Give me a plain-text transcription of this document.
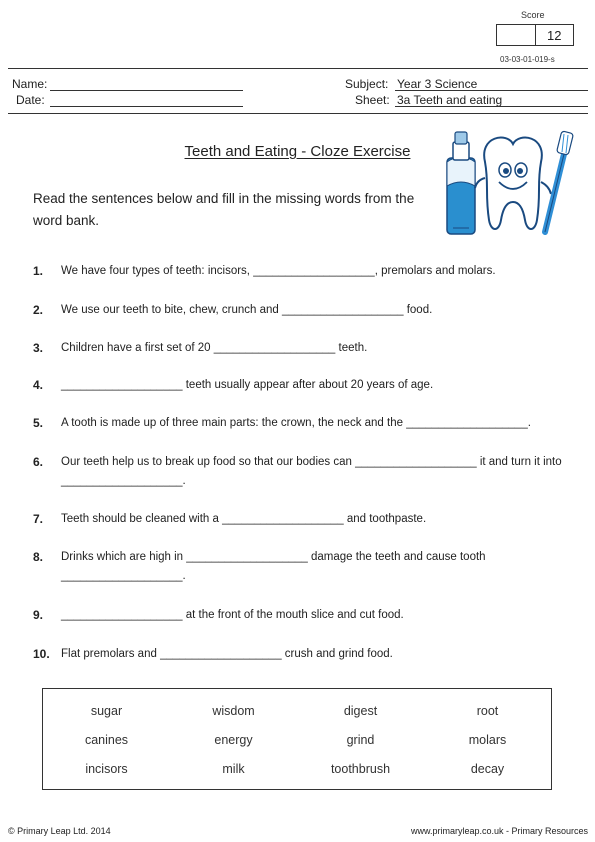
Score
12
03-03-01-019-s
Name:
Date:
Subject: Year 3 Science
Sheet: 3a Teeth and eating
Teeth and Eating - Cloze Exercise
Read the sentences below and fill in the missing words from the word bank.
1. We have four types of teeth: incisors, ___________________, premolars and molars.
2. We use our teeth to bite, chew, crunch and ___________________ food.
3. Children have a first set of 20 ___________________ teeth.
4. ___________________ teeth usually appear after about 20 years of age.
5. A tooth is made up of three main parts: the crown, the neck and the ___________________.
6. Our teeth help us to break up food so that our bodies can ___________________ it and turn it into ___________________.
7. Teeth should be cleaned with a ___________________ and toothpaste.
8. Drinks which are high in ___________________ damage the teeth and cause tooth ___________________.
9. ___________________ at the front of the mouth slice and cut food.
10. Flat premolars and ___________________ crush and grind food.
sugar	wisdom	digest	root
canines	energy	grind	molars
incisors	milk	toothbrush	decay
© Primary Leap Ltd. 2014	www.primaryleap.co.uk - Primary Resources
